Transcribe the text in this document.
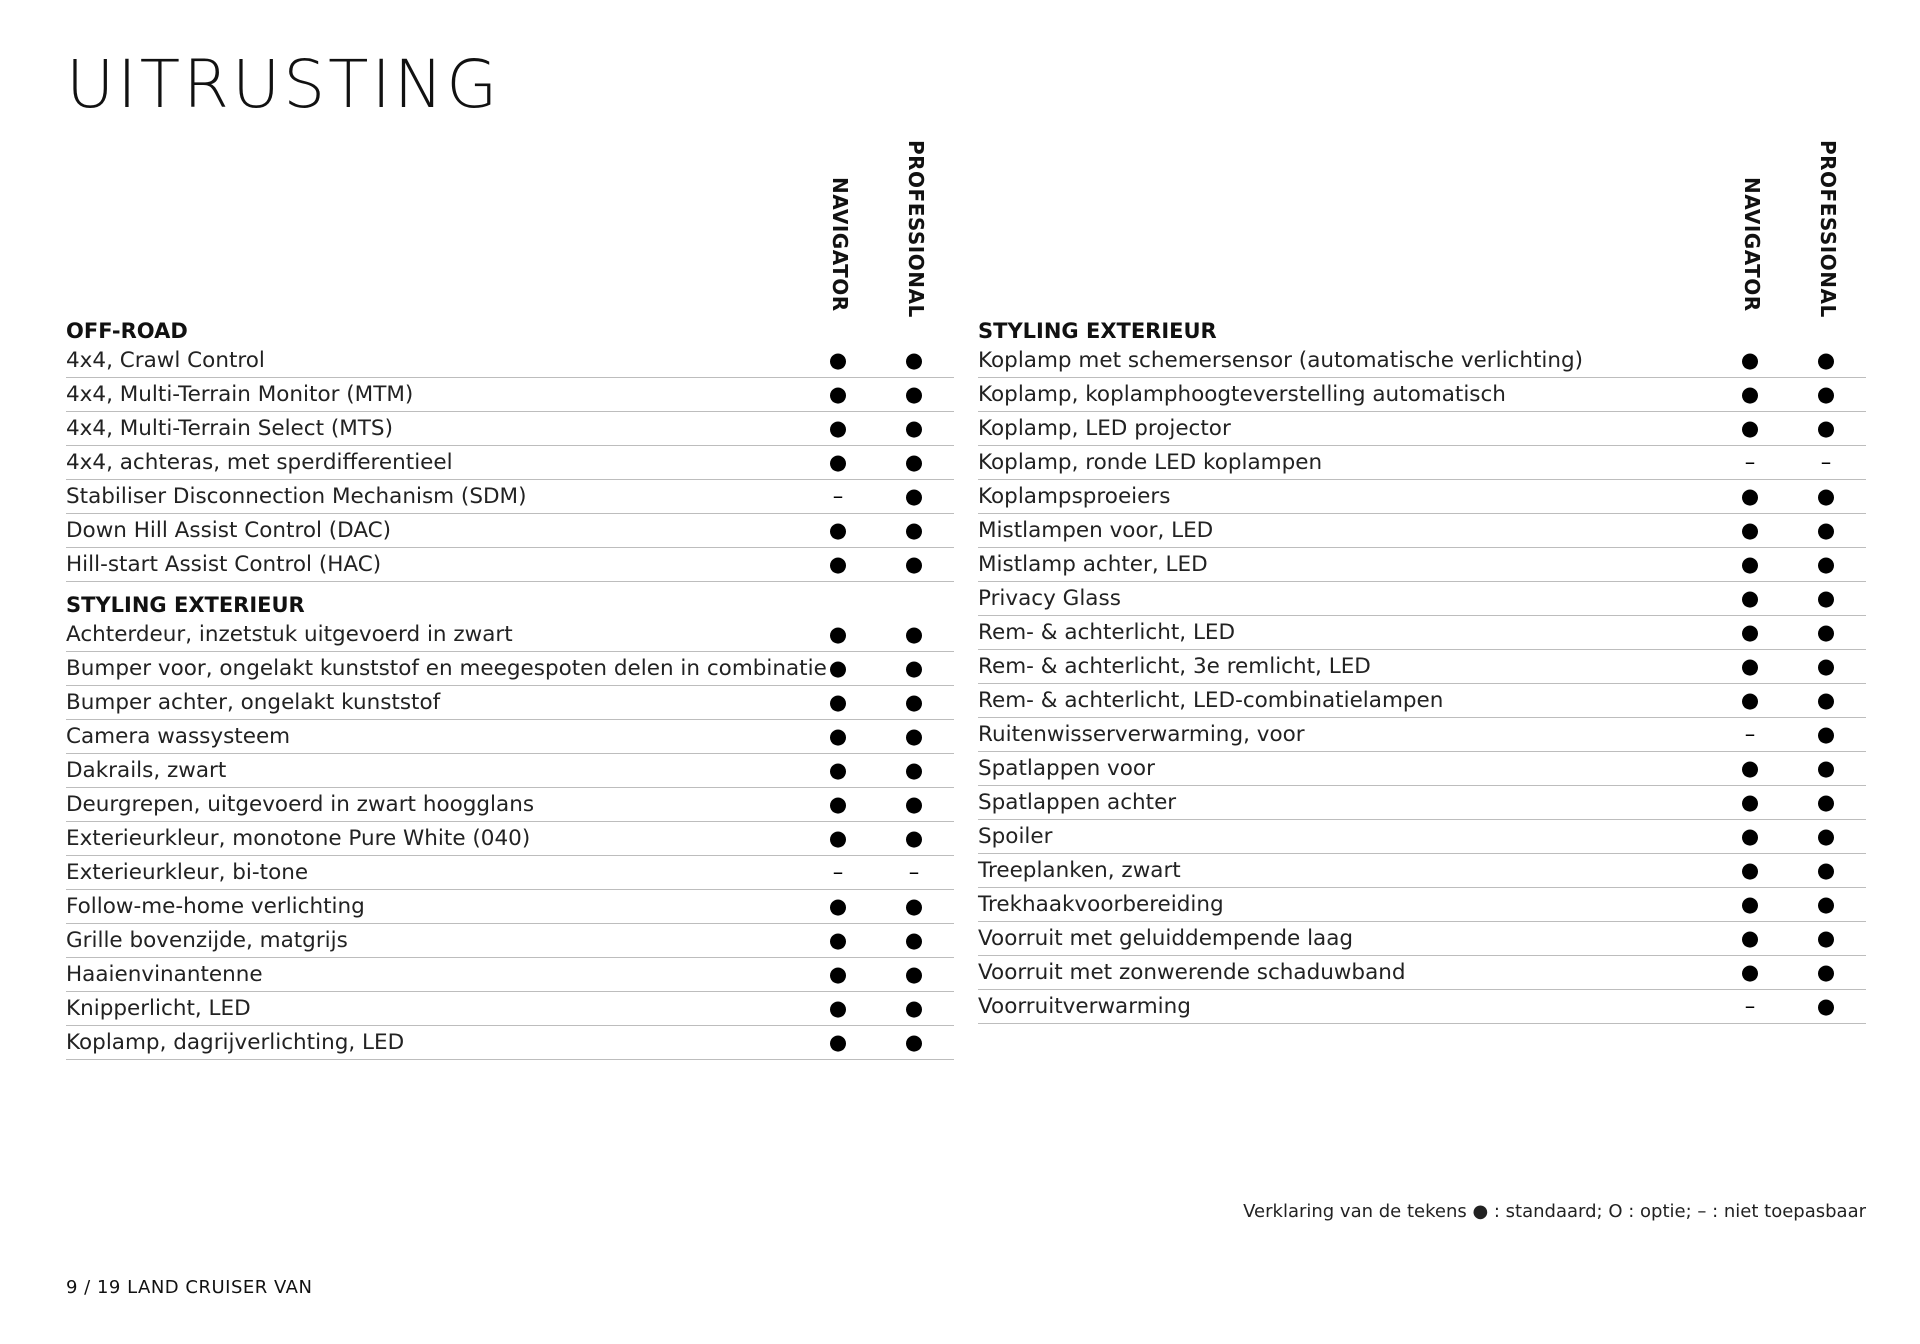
UITRUSTING
NAVIGATOR	PROFESSIONAL
OFF-ROAD
4x4, Crawl Control	●	●
4x4, Multi-Terrain Monitor (MTM)	●	●
4x4, Multi-Terrain Select (MTS)	●	●
4x4, achteras, met sperdifferentieel	●	●
Stabiliser Disconnection Mechanism (SDM)	–	●
Down Hill Assist Control (DAC)	●	●
Hill-start Assist Control (HAC)	●	●
STYLING EXTERIEUR
Achterdeur, inzetstuk uitgevoerd in zwart	●	●
Bumper voor, ongelakt kunststof en meegespoten delen in combinatie ●	●
Bumper achter, ongelakt kunststof	●	●
Camera wassysteem	●	●
Dakrails, zwart	●	●
Deurgrepen, uitgevoerd in zwart hoogglans	●	●
Exterieurkleur, monotone Pure White (040)	●	●
Exterieurkleur, bi-tone	–	–
Follow-me-home verlichting	●	●
Grille bovenzijde, matgrijs	●	●
Haaienvinantenne	●	●
Knipperlicht, LED	●	●
Koplamp, dagrijverlichting, LED	●	●
NAVIGATOR	PROFESSIONAL
STYLING EXTERIEUR
Koplamp met schemersensor (automatische verlichting)	●	●
Koplamp, koplamphoogteverstelling automatisch	●	●
Koplamp, LED projector	●	●
Koplamp, ronde LED koplampen	–	–
Koplampsproeiers	●	●
Mistlampen voor, LED	●	●
Mistlamp achter, LED	●	●
Privacy Glass	●	●
Rem- & achterlicht, LED	●	●
Rem- & achterlicht, 3e remlicht, LED	●	●
Rem- & achterlicht, LED-combinatielampen	●	●
Ruitenwisserverwarming, voor	–	●
Spatlappen voor	●	●
Spatlappen achter	●	●
Spoiler	●	●
Treeplanken, zwart	●	●
Trekhaakvoorbereiding	●	●
Voorruit met geluiddempende laag	●	●
Voorruit met zonwerende schaduwband	●	●
Voorruitverwarming	–	●
Verklaring van de tekens ● : standaard; O : optie; – : niet toepasbaar
9 / 19 LAND CRUISER VAN
